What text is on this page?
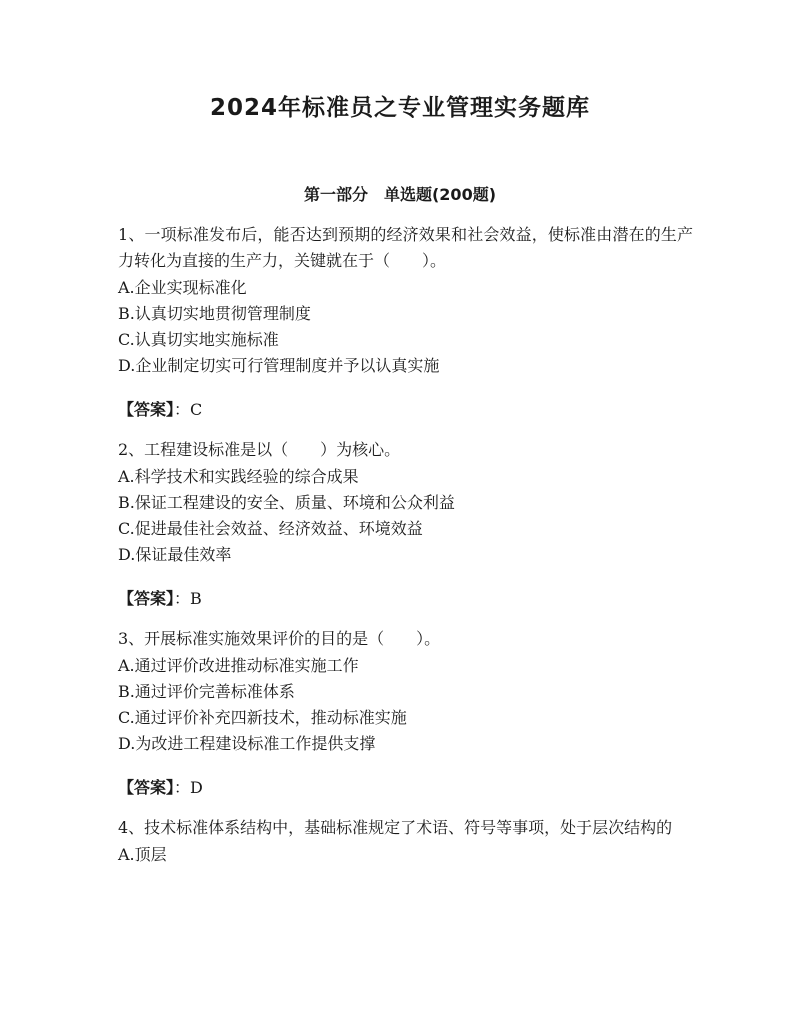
2024年标准员之专业管理实务题库
第一部分　单选题(200题)

1、一项标准发布后，能否达到预期的经济效果和社会效益，使标准由潜在的生产力转化为直接的生产力，关键就在于（　　）。

A.企业实现标准化

B.认真切实地贯彻管理制度

C.认真切实地实施标准

D.企业制定切实可行管理制度并予以认真实施

【答案】：C

2、工程建设标准是以（　　）为核心。

A.科学技术和实践经验的综合成果

B.保证工程建设的安全、质量、环境和公众利益

C.促进最佳社会效益、经济效益、环境效益

D.保证最佳效率

【答案】：B

3、开展标准实施效果评价的目的是（　　）。

A.通过评价改进推动标准实施工作

B.通过评价完善标准体系

C.通过评价补充四新技术，推动标准实施

D.为改进工程建设标准工作提供支撑

【答案】：D

4、技术标准体系结构中，基础标准规定了术语、符号等事项，处于层次结构的

A.顶层
